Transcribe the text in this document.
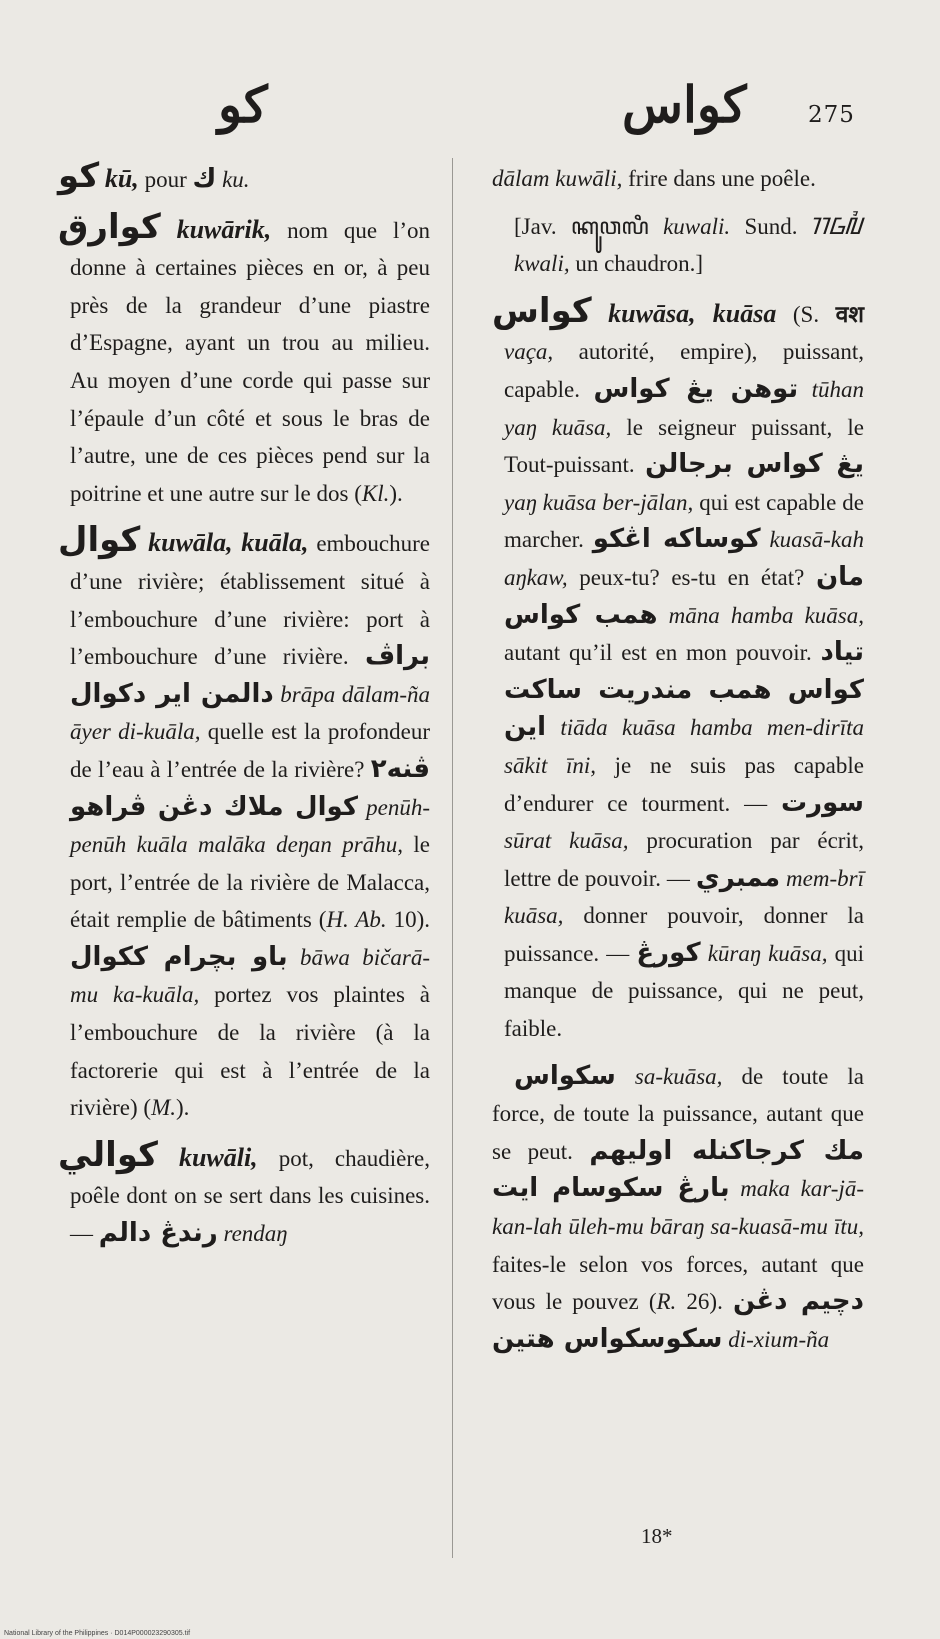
كو	كواس	275

كو kū, pour ك ku.

كوارق kuwārik, nom que l’on donne à certaines pièces en or, à peu près de la grandeur d’une piastre d’Espagne, ayant un trou au milieu. Au moyen d’une corde qui passe sur l’épaule d’un côté et sous le bras de l’autre, une de ces pièces pend sur la poitrine et une autre sur le dos (Kl.).

كوال kuwāla, kuāla, embouchure d’une rivière; établissement situé à l’embouchure d’une rivière: port à l’embouchure d’une rivière. براڤ دالمن اير دكوال brāpa dālam-ña āyer di-kuāla, quelle est la profondeur de l’eau à l’entrée de la rivière? ڤنه٢ كوال ملاك دڠن ڤراهو penūh-penūh kuāla malāka deŋan prāhu, le port, l’entrée de la rivière de Malacca, était remplie de bâtiments (H. Ab. 10). باو بچرام ككوال bāwa bičarā-mu ka-kuāla, portez vos plaintes à l’embouchure de la rivière (à la factorerie qui est à l’entrée de la rivière) (M.).

كوالي kuwāli, pot, chaudière, poêle dont on se sert dans les cuisines. — رندڠ دالم rendaŋ

dālam kuwāli, frire dans une poêle.

[Jav. ꦏꦸꦮꦭꦶ kuwali. Sund. ᮊᮝᮜᮤ kwali, un chaudron.]

كواس kuwāsa, kuāsa (S. वश vaça, autorité, empire), puissant, capable. توهن يڠ كواس tūhan yaŋ kuāsa, le seigneur puissant, le Tout-puissant. يڠ كواس برجالن yaŋ kuāsa ber-jālan, qui est capable de marcher. كوساكه اڠكو kuasā-kah aŋkaw, peux-tu? es-tu en état? مان همب كواس māna hamba kuāsa, autant qu’il est en mon pouvoir. تياد كواس همب مندريت ساكت اين tiāda kuāsa hamba men-dirīta sākit īni, je ne suis pas capable d’endurer ce tourment. — سورت sūrat kuāsa, procuration par écrit, lettre de pouvoir. — ممبري mem-brī kuāsa, donner pouvoir, donner la puissance. — كورڠ kūraŋ kuāsa, qui manque de puissance, qui ne peut, faible.

سكواس sa-kuāsa, de toute la force, de toute la puissance, autant que se peut. مك كرجاكنله اوليهم بارڠ سكوسام ايت maka kar-jā-kan-lah ūleh-mu bāraŋ sa-kuasā-mu ītu, faites-le selon vos forces, autant que vous le pouvez (R. 26). دچيم دڠن سكوسكواس هتين di-xium-ña

18*
National Library of the Philippines · D014P000023290305.tif
